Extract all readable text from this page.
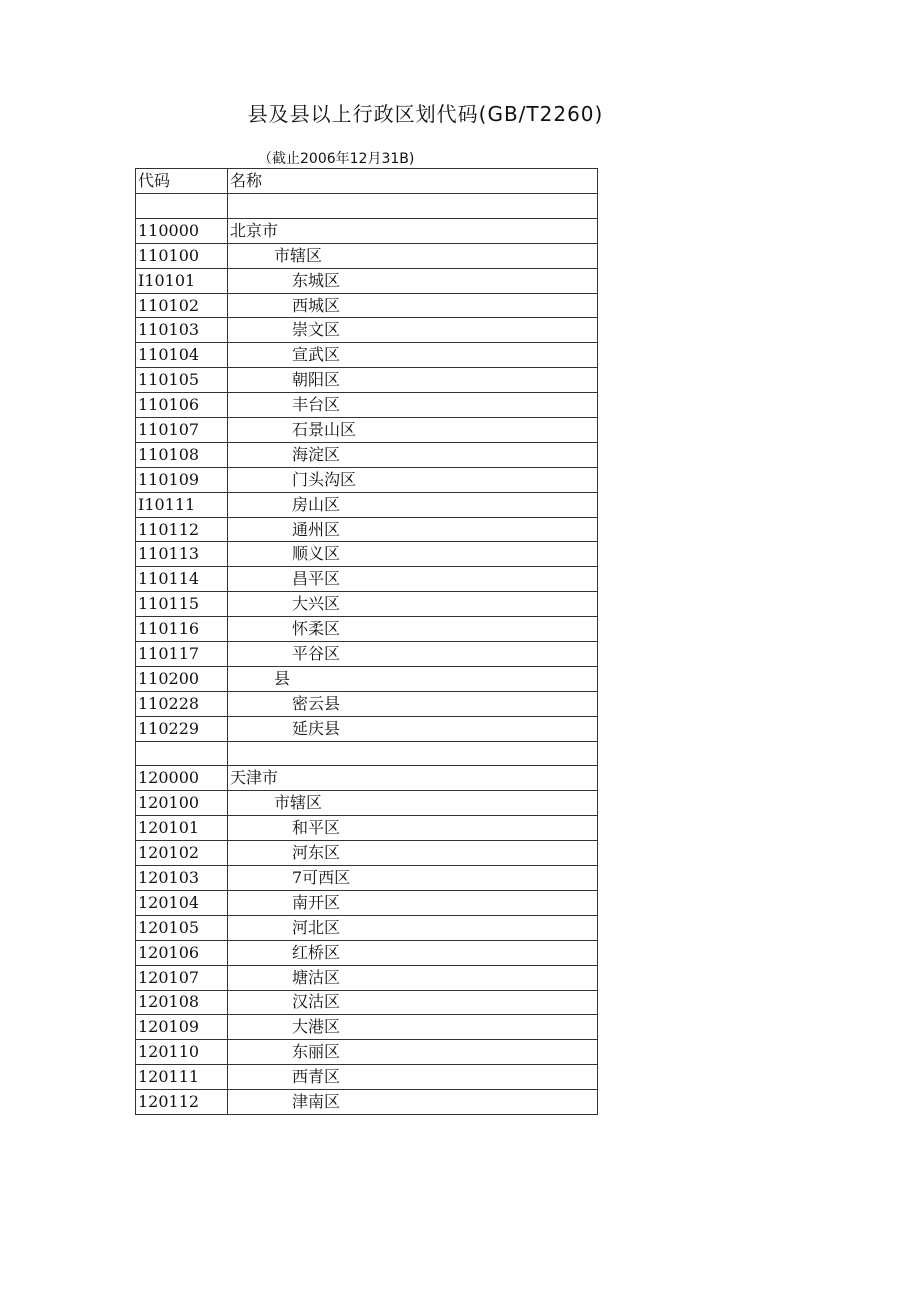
县及县以上行政区划代码(GB/T2260)
（截止2006年12月31B)
代码	名称

110000	北京市
110100	市辖区
I10101	东城区
110102	西城区
110103	崇文区
110104	宣武区
110105	朝阳区
110106	丰台区
110107	石景山区
110108	海淀区
110109	门头沟区
I10111	房山区
110112	通州区
110113	顺义区
110114	昌平区
110115	大兴区
110116	怀柔区
110117	平谷区
110200	县
110228	密云县
110229	延庆县

120000	天津市
120100	市辖区
120101	和平区
120102	河东区
120103	7可西区
120104	南开区
120105	河北区
120106	红桥区
120107	塘沽区
120108	汉沽区
120109	大港区
120110	东丽区
120111	西青区
120112	津南区
